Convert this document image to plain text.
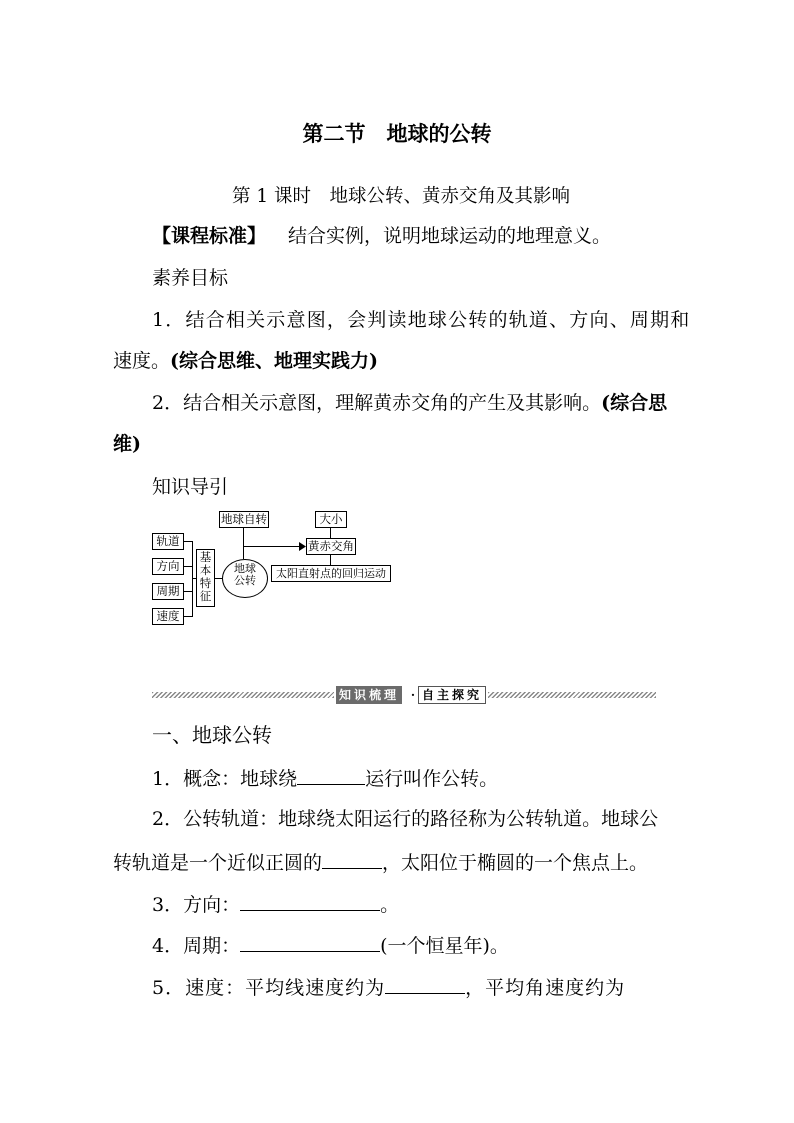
第二节　地球的公转
第 1 课时　地球公转、黄赤交角及其影响
【课程标准】 结合实例，说明地球运动的地理意义。
素养目标
1．结合相关示意图，会判读地球公转的轨道、方向、周期和
速度。(综合思维、地理实践力)
2．结合相关示意图，理解黄赤交角的产生及其影响。(综合思
维)
知识导引
轨道
方向
周期
速度
基本特征
地球
公转
地球自转	大小
黄赤交角
太阳直射点的回归运动
知识梳理 · 自主探究
一、地球公转
1．概念：地球绕	运行叫作公转。
2．公转轨道：地球绕太阳运行的路径称为公转轨道。地球公
转轨道是一个近似正圆的	，太阳位于椭圆的一个焦点上。
3．方向：	。
4．周期：	(一个恒星年)。
5．速度：平均线速度约为	，平均角速度约为
